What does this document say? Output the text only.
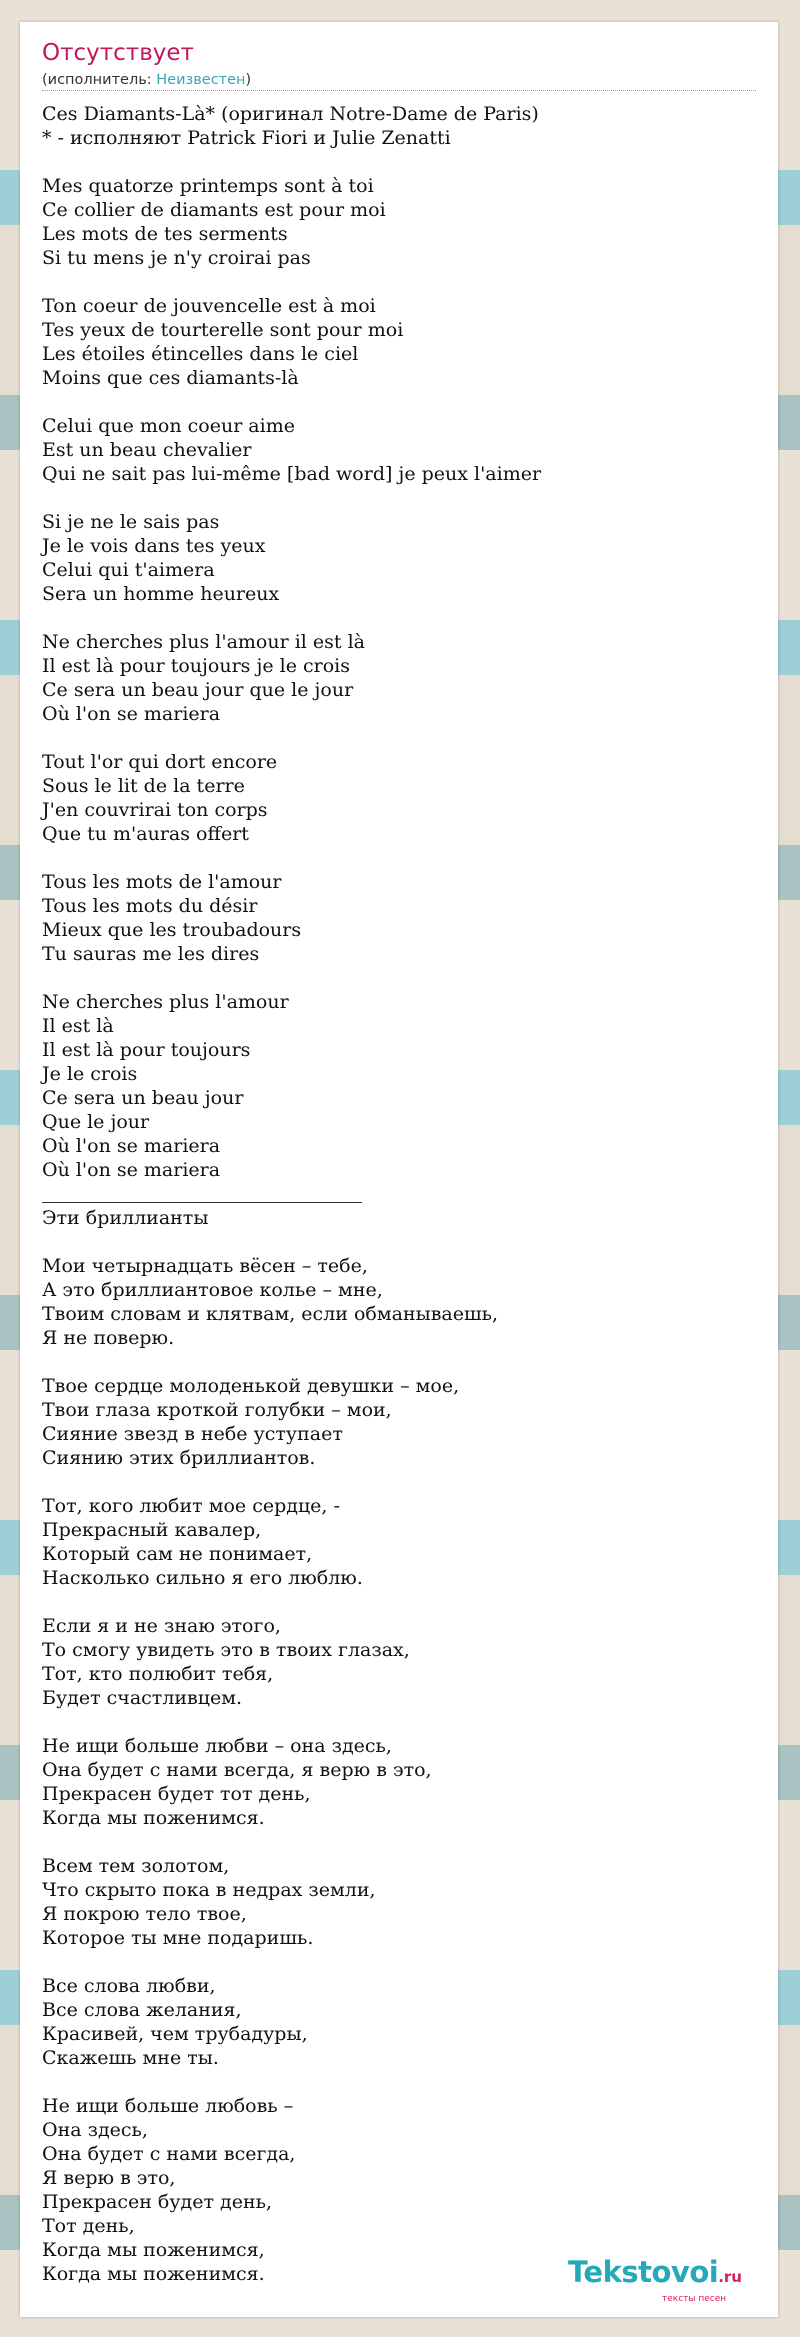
Отсутствует
(исполнитель: Неизвестен)
Ces Diamants-Là* (оригинал Notre-Dame de Paris)
* - исполняют Patrick Fiori и Julie Zenatti
Mes quatorze printemps sont à toi
Ce collier de diamants est pour moi
Les mots de tes serments
Si tu mens je n'y croirai pas
Ton coeur de jouvencelle est à moi
Tes yeux de tourterelle sont pour moi
Les étoiles étincelles dans le ciel
Moins que ces diamants-là
Celui que mon coeur aime
Est un beau chevalier
Qui ne sait pas lui-même [bad word] je peux l'aimer
Si je ne le sais pas
Je le vois dans tes yeux
Celui qui t'aimera
Sera un homme heureux
Ne cherches plus l'amour il est là
Il est là pour toujours je le crois
Ce sera un beau jour que le jour
Où l'on se mariera
Tout l'or qui dort encore
Sous le lit de la terre
J'en couvrirai ton corps
Que tu m'auras offert
Tous les mots de l'amour
Tous les mots du désir
Mieux que les troubadours
Tu sauras me les dires
Ne cherches plus l'amour
Il est là
Il est là pour toujours
Je le crois
Ce sera un beau jour
Que le jour
Où l'on se mariera
Où l'on se mariera
Эти бриллианты
Мои четырнадцать вёсен – тебе,
А это бриллиантовое колье – мне,
Твоим словам и клятвам, если обманываешь,
Я не поверю.
Твое сердце молоденькой девушки – мое,
Твои глаза кроткой голубки – мои,
Сияние звезд в небе уступает
Сиянию этих бриллиантов.
Тот, кого любит мое сердце, -
Прекрасный кавалер,
Который сам не понимает,
Насколько сильно я его люблю.
Если я и не знаю этого,
То смогу увидеть это в твоих глазах,
Тот, кто полюбит тебя,
Будет счастливцем.
Не ищи больше любви – она здесь,
Она будет с нами всегда, я верю в это,
Прекрасен будет тот день,
Когда мы поженимся.
Всем тем золотом,
Что скрыто пока в недрах земли,
Я покрою тело твое,
Которое ты мне подаришь.
Все слова любви,
Все слова желания,
Красивей, чем трубадуры,
Скажешь мне ты.
Не ищи больше любовь –
Она здесь,
Она будет с нами всегда,
Я верю в это,
Прекрасен будет день,
Тот день,
Когда мы поженимся,
Когда мы поженимся.	Tekstovoi.ru
тексты песен
